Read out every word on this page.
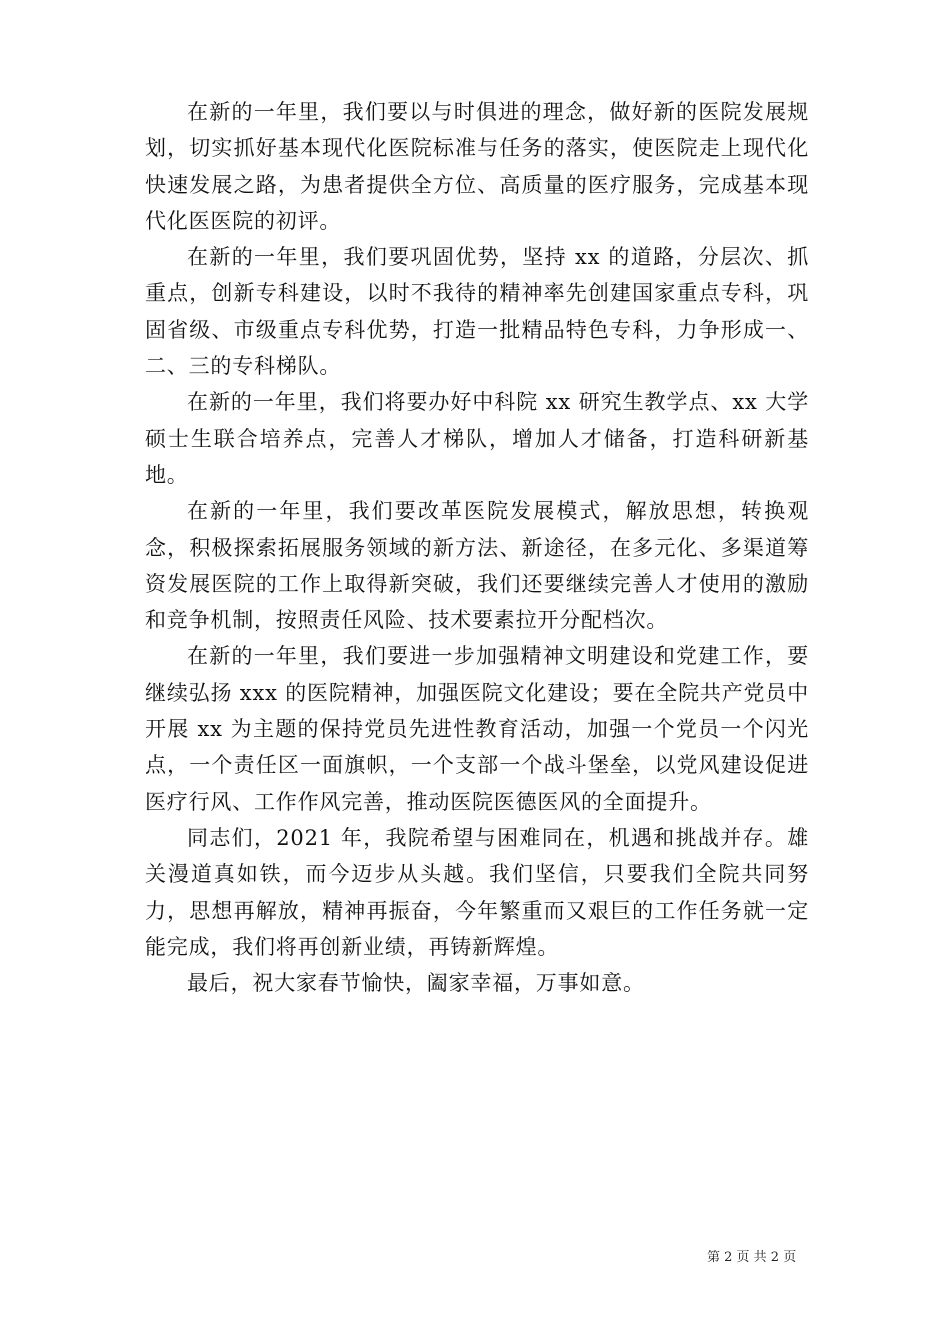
在新的一年里，我们要以与时俱进的理念，做好新的医院发展规划，切实抓好基本现代化医院标准与任务的落实，使医院走上现代化快速发展之路，为患者提供全方位、高质量的医疗服务，完成基本现代化医医院的初评。

在新的一年里，我们要巩固优势，坚持 xx 的道路，分层次、抓重点，创新专科建设，以时不我待的精神率先创建国家重点专科，巩固省级、市级重点专科优势，打造一批精品特色专科，力争形成一、二、三的专科梯队。

在新的一年里，我们将要办好中科院 xx 研究生教学点、xx 大学硕士生联合培养点，完善人才梯队，增加人才储备，打造科研新基地。

在新的一年里，我们要改革医院发展模式，解放思想，转换观念，积极探索拓展服务领域的新方法、新途径，在多元化、多渠道筹资发展医院的工作上取得新突破，我们还要继续完善人才使用的激励和竞争机制，按照责任风险、技术要素拉开分配档次。

在新的一年里，我们要进一步加强精神文明建设和党建工作，要继续弘扬 xxx 的医院精神，加强医院文化建设；要在全院共产党员中开展 xx 为主题的保持党员先进性教育活动，加强一个党员一个闪光点，一个责任区一面旗帜，一个支部一个战斗堡垒，以党风建设促进医疗行风、工作作风完善，推动医院医德医风的全面提升。

同志们，2021 年，我院希望与困难同在，机遇和挑战并存。雄关漫道真如铁，而今迈步从头越。我们坚信，只要我们全院共同努力，思想再解放，精神再振奋，今年繁重而又艰巨的工作任务就一定能完成，我们将再创新业绩，再铸新辉煌。

最后，祝大家春节愉快，阖家幸福，万事如意。

第 2 页 共 2 页
